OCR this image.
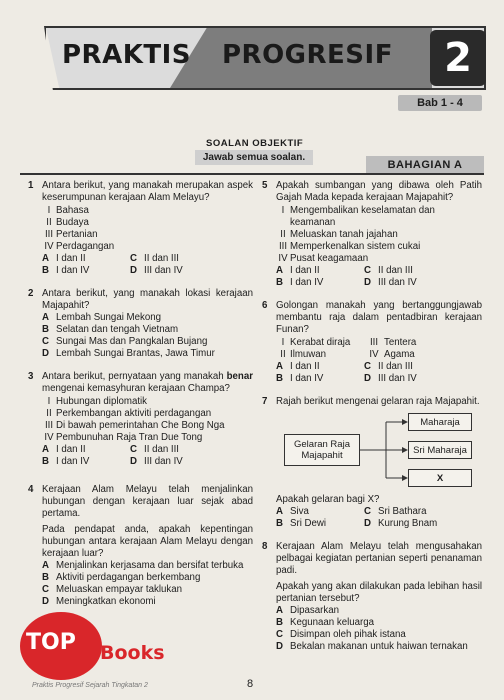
PRAKTIS PROGRESIF	2
Bab 1 - 4
SOALAN OBJEKTIF
Jawab semua soalan.
BAHAGIAN A
1 Antara berikut, yang manakah merupakan aspek keserumpunan kerajaan Alam Melayu?
I Bahasa
II Budaya
III Pertanian
IV Perdagangan
A I dan II	C II dan III
B I dan IV	D III dan IV
2 Antara berikut, yang manakah lokasi kerajaan Majapahit?
A Lembah Sungai Mekong
B Selatan dan tengah Vietnam
C Sungai Mas dan Pangkalan Bujang
D Lembah Sungai Brantas, Jawa Timur
3 Antara berikut, pernyataan yang manakah benar mengenai kemasyhuran kerajaan Champa?
I Hubungan diplomatik
II Perkembangan aktiviti perdagangan
III Di bawah pemerintahan Che Bong Nga
IV Pembunuhan Raja Tran Due Tong
A I dan II	C II dan III
B I dan IV	D III dan IV
4 Kerajaan Alam Melayu telah menjalinkan hubungan dengan kerajaan luar sejak abad pertama.
Pada pendapat anda, apakah kepentingan hubungan antara kerajaan Alam Melayu dengan kerajaan luar?
A Menjalinkan kerjasama dan bersifat terbuka
B Aktiviti perdagangan berkembang
C Meluaskan empayar taklukan
D Meningkatkan ekonomi
5 Apakah sumbangan yang dibawa oleh Patih Gajah Mada kepada kerajaan Majapahit?
I Mengembalikan keselamatan dan keamanan
II Meluaskan tanah jajahan
III Memperkenalkan sistem cukai
IV Pusat keagamaan
A I dan II	C II dan III
B I dan IV	D III dan IV
6 Golongan manakah yang bertanggungjawab membantu raja dalam pentadbiran kerajaan Funan?
I Kerabat diraja	III Tentera
II Ilmuwan	IV Agama
A I dan II	C II dan III
B I dan IV	D III dan IV
7 Rajah berikut mengenai gelaran raja Majapahit.
Gelaran Raja Majapahit
Maharaja
Sri Maharaja
X
Apakah gelaran bagi X?
A Siva	C Sri Bathara
B Sri Dewi	D Kurung Bnam
8 Kerajaan Alam Melayu telah mengusahakan pelbagai kegiatan pertanian seperti penanaman padi.
Apakah yang akan dilakukan pada lebihan hasil pertanian tersebut?
A Dipasarkan
B Kegunaan keluarga
C Disimpan oleh pihak istana
D Bekalan makanan untuk haiwan ternakan
TOP Books
Praktis Progresif Sejarah Tingkatan 2	8
